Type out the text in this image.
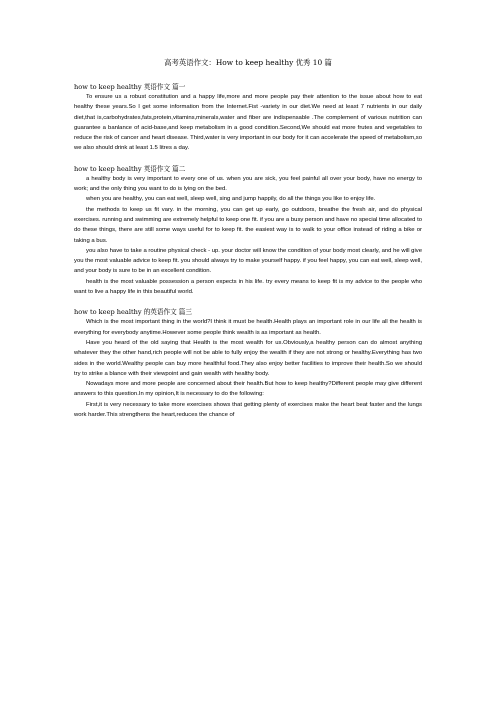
高考英语作文：How to keep healthy 优秀 10 篇

how to keep healthy 英语作文 篇一

To ensure us a robust constitution and a happy life,more and more people pay their attention to the issue about how to eat healthy these years.So I get some information from the Internet.Fist -variety in our diet.We need at least 7 nutrients in our daily diet,that is,carbohydrates,fats,protein,vitamins,minerals,water and fiber are indispensable .The complement of various nutrition can guarantee a banlance of acid-base,and keep metabolism in a good condition.Second,We should eat more frutes and vegetables to reduce the risk of cancer and heart disease. Third,water is very important in our body for it can accelerate the speed of metabolism,so we also should drink at least 1.5 litres a day.

how to keep healthy 英语作文 篇二

a healthy body is very important to every one of us. when you are sick, you feel painful all over your body, have no energy to work; and the only thing you want to do is lying on the bed.

when you are healthy, you can eat well, sleep well, sing and jump happily, do all the things you like to enjoy life.

the methods to keep us fit vary. in the morning, you can get up early, go outdoors, breathe the fresh air, and do physical exercises. running and swimming are extremely helpful to keep one fit. if you are a busy person and have no special time allocated to do these things, there are still some ways useful for to keep fit. the easiest way is to walk to your office instead of riding a bike or taking a bus.

you also have to take a routine physical check - up. your doctor will know the condition of your body most clearly, and he will give you the most valuable advice to keep fit. you should always try to make yourself happy. if you feel happy, you can eat well, sleep well, and your body is sure to be in an excellent condition.

health is the most valuable possession a person expects in his life. try every means to keep fit is my advice to the people who want to live a happy life in this beautiful world.

how to keep healthy 的英语作文 篇三

Which is the most important thing in the world?I think it must be health.Health plays an important role in our life all the health is everything for everybody anytime.However some people think wealth is as important as health.

Have you heard of the old saying that Health is the most wealth for us.Obviously,a healthy person can do almost anything whatever they the other hand,rich people will not be able to fully enjoy the wealth if they are not strong or healthy.Everything has two sides in the world.Wealthy people can buy more healthful food.They also enjoy better facilities to improve their health.So we should try to strike a blance with their viewpoint and gain wealth with healthy body.

Nowadays more and more people are concerned about their health.But how to keep healthy?Different people may give different answers to this question.In my opinion,It is necessary to do the following:

First,it is very necessary to take more exercises shows that getting plenty of exercises make the heart beat faster and the lungs work harder.This strengthens the heart,reduces the chance of
